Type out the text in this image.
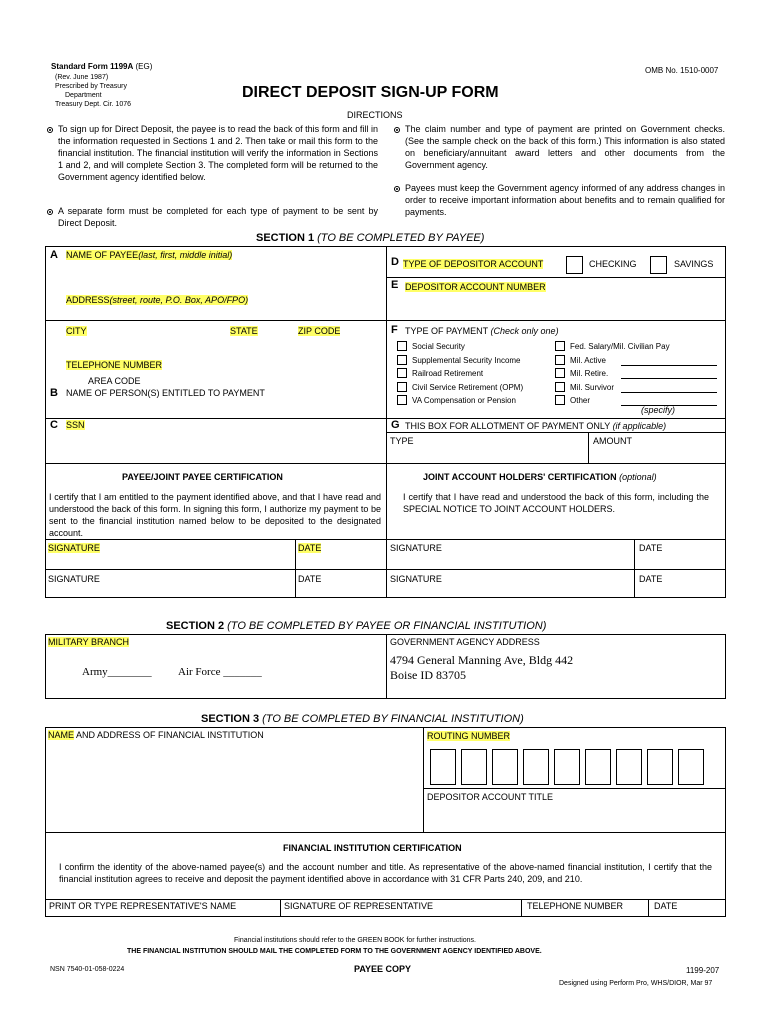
Standard Form 1199A (EG)
(Rev. June 1987)
Prescribed by Treasury
Department
Treasury Dept. Cir. 1076
OMB No. 1510-0007
DIRECT DEPOSIT SIGN-UP FORM
DIRECTIONS
To sign up for Direct Deposit, the payee is to read the back of this form and fill in the information requested in Sections 1 and 2. Then take or mail this form to the financial institution. The financial institution will verify the information in Sections 1 and 2, and will complete Section 3. The completed form will be returned to the Government agency identified below.
A separate form must be completed for each type of payment to be sent by Direct Deposit.
The claim number and type of payment are printed on Government checks. (See the sample check on the back of this form.) This information is also stated on beneficiary/annuitant award letters and other documents from the Government agency.
Payees must keep the Government agency informed of any address changes in order to receive important information about benefits and to remain qualified for payments.
SECTION 1 (TO BE COMPLETED BY PAYEE)
A NAME OF PAYEE(last, first, middle initial)
ADDRESS(street, route, P.O. Box, APO/FPO)
CITY	STATE	ZIP CODE
TELEPHONE NUMBER
AREA CODE
B NAME OF PERSON(S) ENTITLED TO PAYMENT
C SSN
D TYPE OF DEPOSITOR ACCOUNT	CHECKING	SAVINGS
E DEPOSITOR ACCOUNT NUMBER
F TYPE OF PAYMENT (Check only one)
Social Security
Supplemental Security Income
Railroad Retirement
Civil Service Retirement (OPM)
VA Compensation or Pension
Fed. Salary/Mil. Civilian Pay
Mil. Active
Mil. Retire.
Mil. Survivor
Other
(specify)
G THIS BOX FOR ALLOTMENT OF PAYMENT ONLY (if applicable)
TYPE	AMOUNT
PAYEE/JOINT PAYEE CERTIFICATION
I certify that I am entitled to the payment identified above, and that I have read and understood the back of this form. In signing this form, I authorize my payment to be sent to the financial institution named below to be deposited to the designated account.
JOINT ACCOUNT HOLDERS' CERTIFICATION (optional)
I certify that I have read and understood the back of this form, including the SPECIAL NOTICE TO JOINT ACCOUNT HOLDERS.
SIGNATURE	DATE	SIGNATURE	DATE
SIGNATURE	DATE	SIGNATURE	DATE
SECTION 2 (TO BE COMPLETED BY PAYEE OR FINANCIAL INSTITUTION)
MILITARY BRANCH
Army________ Air Force _______
GOVERNMENT AGENCY ADDRESS
4794 General Manning Ave, Bldg 442
Boise ID 83705
SECTION 3 (TO BE COMPLETED BY FINANCIAL INSTITUTION)
NAME AND ADDRESS OF FINANCIAL INSTITUTION	ROUTING NUMBER
DEPOSITOR ACCOUNT TITLE
FINANCIAL INSTITUTION CERTIFICATION
I confirm the identity of the above-named payee(s) and the account number and title. As representative of the above-named financial institution, I certify that the financial institution agrees to receive and deposit the payment identified above in accordance with 31 CFR Parts 240, 209, and 210.
PRINT OR TYPE REPRESENTATIVE'S NAME	SIGNATURE OF REPRESENTATIVE	TELEPHONE NUMBER	DATE
Financial institutions should refer to the GREEN BOOK for further instructions.
THE FINANCIAL INSTITUTION SHOULD MAIL THE COMPLETED FORM TO THE GOVERNMENT AGENCY IDENTIFIED ABOVE.
NSN 7540-01-058-0224	PAYEE COPY	1199-207
Designed using Perform Pro, WHS/DIOR, Mar 97
